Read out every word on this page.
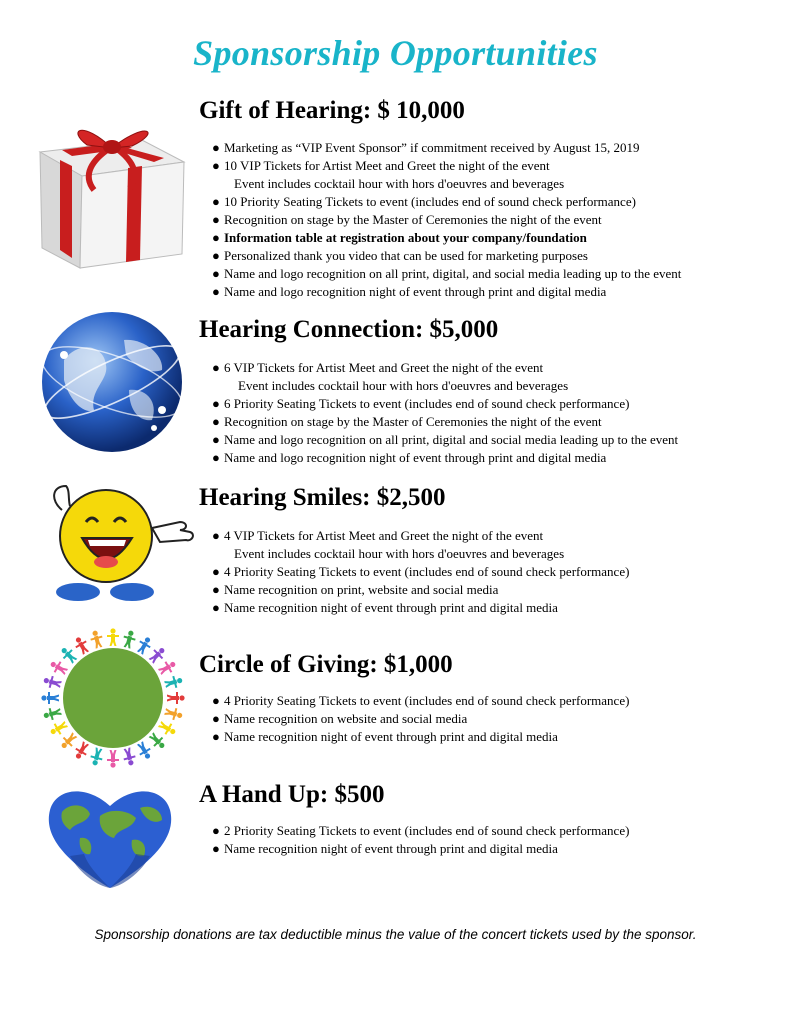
Sponsorship Opportunities
Gift of Hearing: $ 10,000
● Marketing as “VIP Event Sponsor” if commitment received by August 15, 2019
● 10 VIP Tickets for Artist Meet and Greet the night of the event
Event includes cocktail hour with hors d'oeuvres and beverages
● 10 Priority Seating Tickets to event (includes end of sound check performance)
● Recognition on stage by the Master of Ceremonies the night of the event
● Information table at registration about your company/foundation
● Personalized thank you video that can be used for marketing purposes
● Name and logo recognition on all print, digital, and social media leading up to the event
● Name and logo recognition night of event through print and digital media
Hearing Connection: $5,000
● 6 VIP Tickets for Artist Meet and Greet the night of the event
Event includes cocktail hour with hors d'oeuvres and beverages
● 6 Priority Seating Tickets to event (includes end of sound check performance)
● Recognition on stage by the Master of Ceremonies the night of the event
● Name and logo recognition on all print, digital and social media leading up to the event
● Name and logo recognition night of event through print and digital media
Hearing Smiles: $2,500
● 4 VIP Tickets for Artist Meet and Greet the night of the event
Event includes cocktail hour with hors d'oeuvres and beverages
● 4 Priority Seating Tickets to event (includes end of sound check performance)
● Name recognition on print, website and social media
● Name recognition night of event through print and digital media
Circle of Giving: $1,000
● 4 Priority Seating Tickets to event (includes end of sound check performance)
● Name recognition on website and social media
● Name recognition night of event through print and digital media
A Hand Up: $500
● 2 Priority Seating Tickets to event (includes end of sound check performance)
● Name recognition night of event through print and digital media
Sponsorship donations are tax deductible minus the value of the concert tickets used by the sponsor.
